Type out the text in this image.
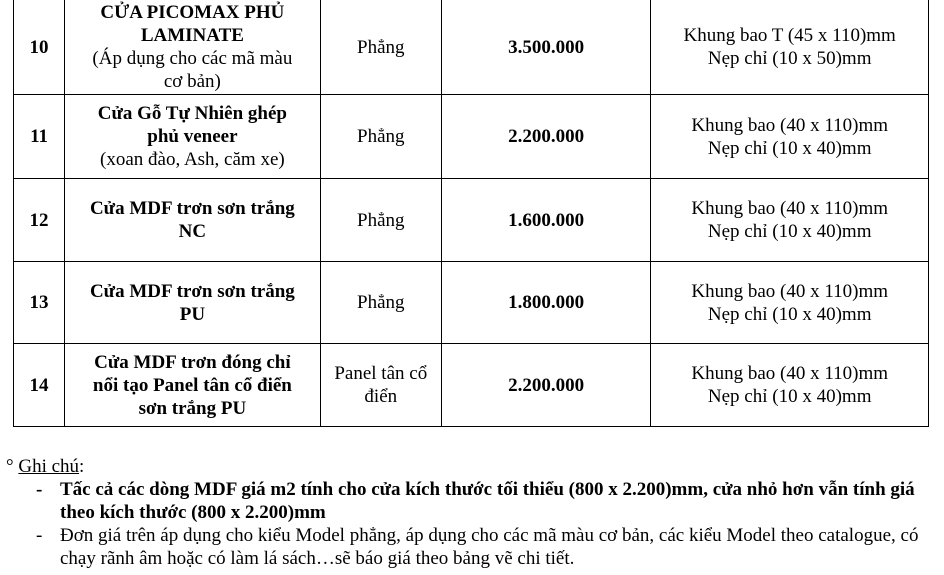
10	CỬA PICOMAX PHỦ
LAMINATE
(Áp dụng cho các mã màu
cơ bản)	Phẳng	3.500.000	Khung bao T (45 x 110)mm
Nẹp chỉ (10 x 50)mm

11	Cửa Gỗ Tự Nhiên ghép
phủ veneer
(xoan đào, Ash, căm xe)	Phẳng	2.200.000	Khung bao (40 x 110)mm
Nẹp chỉ (10 x 40)mm

12	Cửa MDF trơn sơn trắng
NC	Phẳng	1.600.000	Khung bao (40 x 110)mm
Nẹp chỉ (10 x 40)mm

13	Cửa MDF trơn sơn trắng
PU	Phẳng	1.800.000	Khung bao (40 x 110)mm
Nẹp chỉ (10 x 40)mm

14	Cửa MDF trơn đóng chỉ
nổi tạo Panel tân cổ điển
sơn trắng PU	Panel tân cổ
điển	2.200.000	Khung bao (40 x 110)mm
Nẹp chỉ (10 x 40)mm
° Ghi chú:
- Tấc cả các dòng MDF giá m2 tính cho cửa kích thước tối thiểu (800 x 2.200)mm, cửa nhỏ hơn vẫn tính giá theo kích thước (800 x 2.200)mm
- Đơn giá trên áp dụng cho kiểu Model phẳng, áp dụng cho các mã màu cơ bản, các kiểu Model theo catalogue, có chạy rãnh âm hoặc có làm lá sách…sẽ báo giá theo bảng vẽ chi tiết.
